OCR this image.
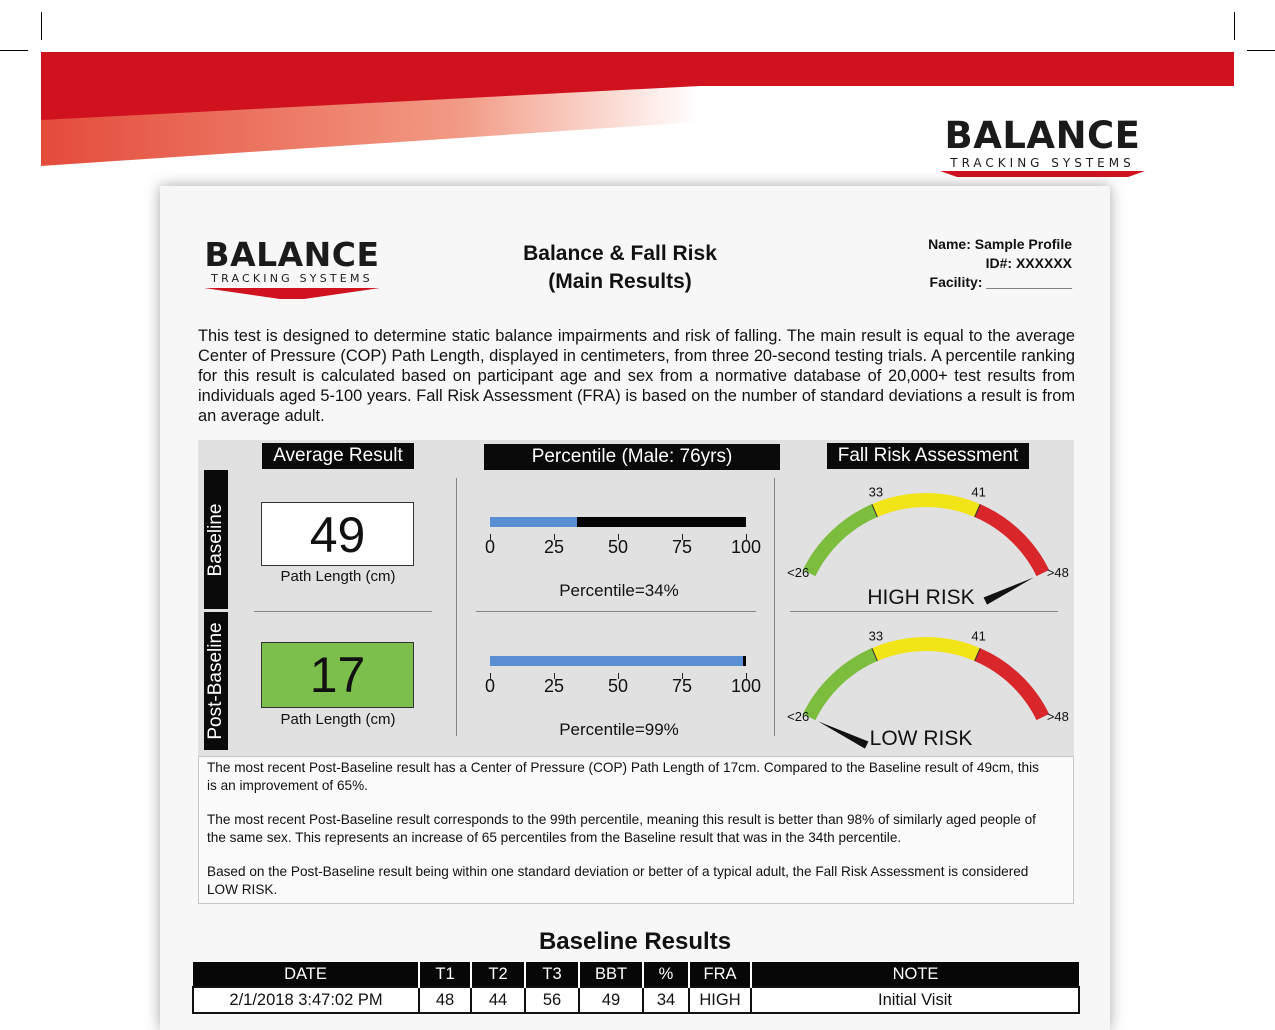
BALANCE
TRACKING SYSTEMS
BALANCE
TRACKING SYSTEMS
Balance & Fall Risk
(Main Results)
Name: Sample Profile
ID#: XXXXXX
Facility: ___________
This test is designed to determine static balance impairments and risk of falling. The main result is equal to the average Center of Pressure (COP) Path Length, displayed in centimeters, from three 20-second testing trials. A percentile ranking for this result is calculated based on participant age and sex from a normative database of 20,000+ test results from individuals aged 5-100 years. Fall Risk Assessment (FRA) is based on the number of standard deviations a result is from an average adult.
Average Result	Percentile (Male: 76yrs)	Fall Risk Assessment
Baseline
Post-Baseline
49
Path Length (cm)
17
Path Length (cm)
0	25	50	75	100
0	25	50	75	100
Percentile=34%
Percentile=99%
<26
33	41
>48
<26
33	41
>48
HIGH RISK
LOW RISK

The most recent Post-Baseline result has a Center of Pressure (COP) Path Length of 17cm. Compared to the Baseline result of 49cm, this is an improvement of 65%.

The most recent Post-Baseline result corresponds to the 99th percentile, meaning this result is better than 98% of similarly aged people of the same sex. This represents an increase of 65 percentiles from the Baseline result that was in the 34th percentile.

Based on the Post-Baseline result being within one standard deviation or better of a typical adult, the Fall Risk Assessment is considered LOW RISK.

Baseline Results
DATE	T1	T2	T3	BBT	%	FRA	NOTE
2/1/2018 3:47:02 PM	48	44	56	49	34	HIGH	Initial Visit
